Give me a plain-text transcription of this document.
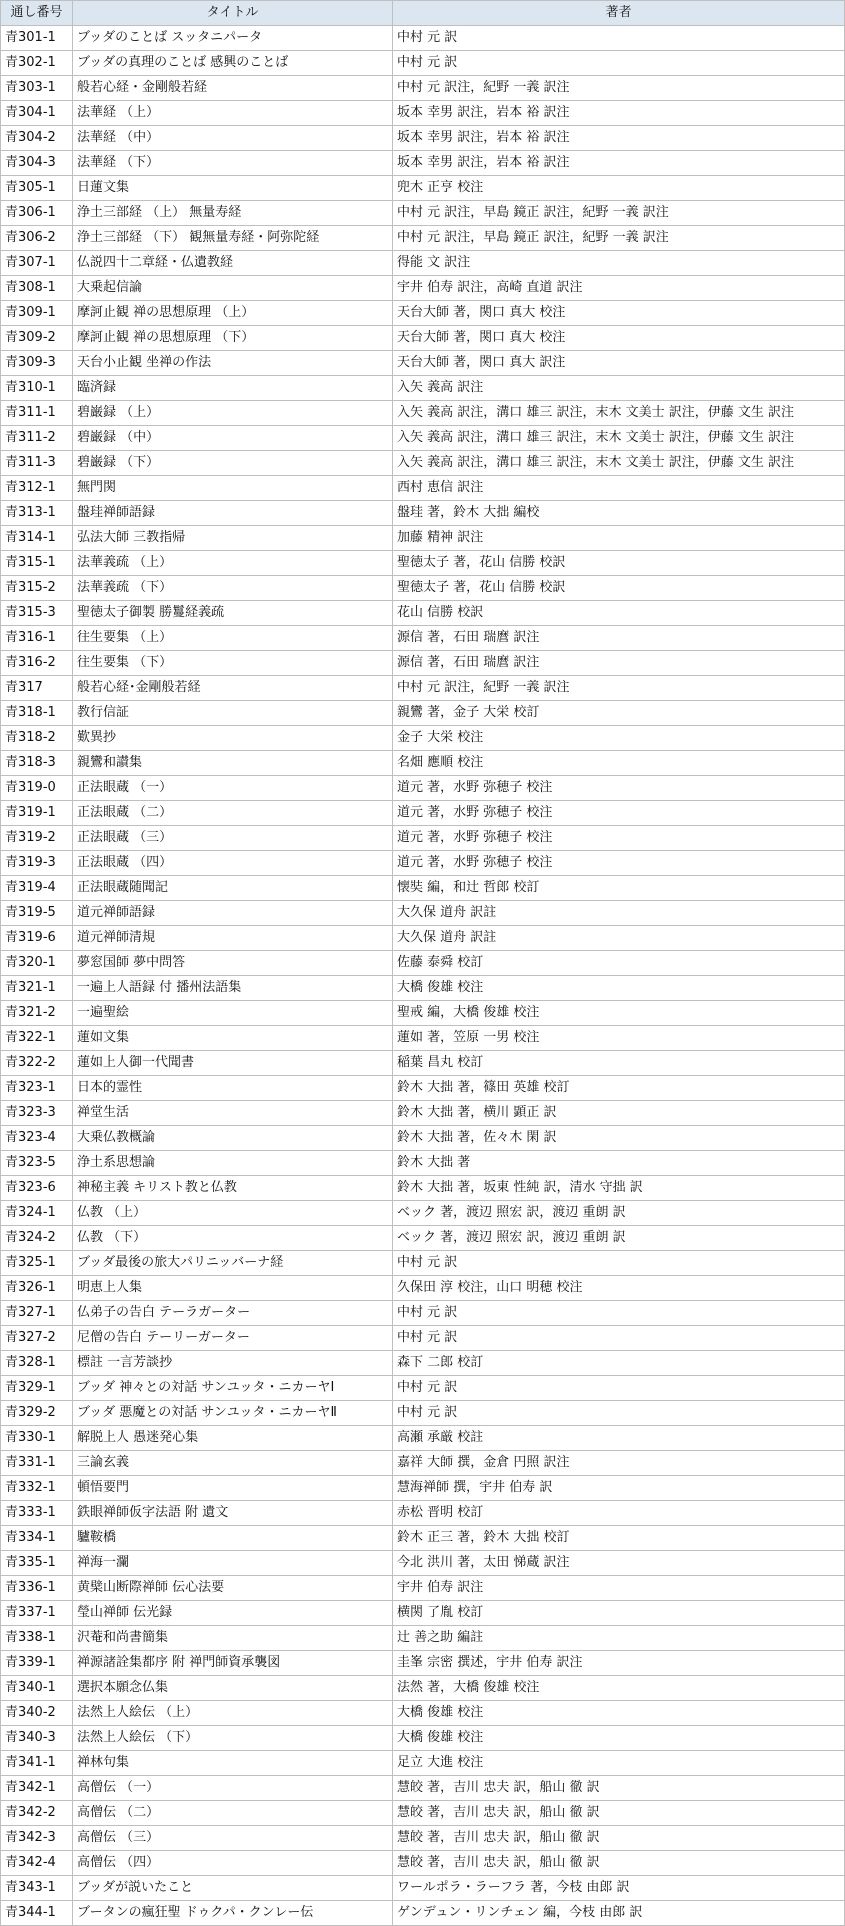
通し番号	タイトル	著者
青301-1	ブッダのことば スッタニパータ	中村 元 訳
青302-1	ブッダの真理のことば 感興のことば	中村 元 訳
青303-1	般若心経・金剛般若経	中村 元 訳注，紀野 一義 訳注
青304-1	法華経 （上）	坂本 幸男 訳注，岩本 裕 訳注
青304-2	法華経 （中）	坂本 幸男 訳注，岩本 裕 訳注
青304-3	法華経 （下）	坂本 幸男 訳注，岩本 裕 訳注
青305-1	日蓮文集	兜木 正亨 校注
青306-1	浄土三部経 （上） 無量寿経	中村 元 訳注，早島 鏡正 訳注，紀野 一義 訳注
青306-2	浄土三部経 （下） 観無量寿経・阿弥陀経	中村 元 訳注，早島 鏡正 訳注，紀野 一義 訳注
青307-1	仏説四十二章経・仏遺教経	得能 文 訳注
青308-1	大乗起信論	宇井 伯寿 訳注，高崎 直道 訳注
青309-1	摩訶止観 禅の思想原理 （上）	天台大師 著，関口 真大 校注
青309-2	摩訶止観 禅の思想原理 （下）	天台大師 著，関口 真大 校注
青309-3	天台小止観 坐禅の作法	天台大師 著，関口 真大 訳注
青310-1	臨済録	入矢 義高 訳注
青311-1	碧巌録 （上）	入矢 義高 訳注，溝口 雄三 訳注，末木 文美士 訳注，伊藤 文生 訳注
青311-2	碧巌録 （中）	入矢 義高 訳注，溝口 雄三 訳注，末木 文美士 訳注，伊藤 文生 訳注
青311-3	碧巌録 （下）	入矢 義高 訳注，溝口 雄三 訳注，末木 文美士 訳注，伊藤 文生 訳注
青312-1	無門関	西村 恵信 訳注
青313-1	盤珪禅師語録	盤珪 著，鈴木 大拙 編校
青314-1	弘法大師 三教指帰	加藤 精神 訳注
青315-1	法華義疏 （上）	聖徳太子 著，花山 信勝 校訳
青315-2	法華義疏 （下）	聖徳太子 著，花山 信勝 校訳
青315-3	聖徳太子御製 勝鬘経義疏	花山 信勝 校訳
青316-1	往生要集 （上）	源信 著，石田 瑞麿 訳注
青316-2	往生要集 （下）	源信 著，石田 瑞麿 訳注
青317	般若心経･金剛般若経	中村 元 訳注，紀野 一義 訳注
青318-1	教行信証	親鸞 著，金子 大栄 校訂
青318-2	歎異抄	金子 大栄 校注
青318-3	親鸞和讃集	名畑 應順 校注
青319-0	正法眼蔵 （一）	道元 著，水野 弥穂子 校注
青319-1	正法眼蔵 （二）	道元 著，水野 弥穂子 校注
青319-2	正法眼蔵 （三）	道元 著，水野 弥穂子 校注
青319-3	正法眼蔵 （四）	道元 著，水野 弥穂子 校注
青319-4	正法眼蔵随聞記	懐奘 編，和辻 哲郎 校訂
青319-5	道元禅師語録	大久保 道舟 訳註
青319-6	道元禅師清規	大久保 道舟 訳註
青320-1	夢窓国師 夢中問答	佐藤 泰舜 校訂
青321-1	一遍上人語録 付 播州法語集	大橋 俊雄 校注
青321-2	一遍聖絵	聖戒 編，大橋 俊雄 校注
青322-1	蓮如文集	蓮如 著，笠原 一男 校注
青322-2	蓮如上人御一代聞書	稲葉 昌丸 校訂
青323-1	日本的霊性	鈴木 大拙 著，篠田 英雄 校訂
青323-3	禅堂生活	鈴木 大拙 著，横川 顕正 訳
青323-4	大乗仏教概論	鈴木 大拙 著，佐々木 閑 訳
青323-5	浄土系思想論	鈴木 大拙 著
青323-6	神秘主義 キリスト教と仏教	鈴木 大拙 著，坂東 性純 訳，清水 守拙 訳
青324-1	仏教 （上）	ベック 著，渡辺 照宏 訳，渡辺 重朗 訳
青324-2	仏教 （下）	ベック 著，渡辺 照宏 訳，渡辺 重朗 訳
青325-1	ブッダ最後の旅大パリニッバーナ経	中村 元 訳
青326-1	明恵上人集	久保田 淳 校注，山口 明穂 校注
青327-1	仏弟子の告白 テーラガーター	中村 元 訳
青327-2	尼僧の告白 テーリーガーター	中村 元 訳
青328-1	標註 一言芳談抄	森下 二郎 校訂
青329-1	ブッダ 神々との対話 サンユッタ・ニカーヤⅠ	中村 元 訳
青329-2	ブッダ 悪魔との対話 サンユッタ・ニカーヤⅡ	中村 元 訳
青330-1	解脱上人 愚迷発心集	高瀬 承厳 校註
青331-1	三論玄義	嘉祥 大師 撰，金倉 円照 訳注
青332-1	頓悟要門	慧海禅師 撰，宇井 伯寿 訳
青333-1	鉄眼禅師仮字法語 附 遺文	赤松 晋明 校訂
青334-1	驢鞍橋	鈴木 正三 著，鈴木 大拙 校訂
青335-1	禅海一瀾	今北 洪川 著，太田 悌蔵 訳注
青336-1	黄檗山断際禅師 伝心法要	宇井 伯寿 訳注
青337-1	瑩山禅師 伝光録	横関 了胤 校訂
青338-1	沢菴和尚書簡集	辻 善之助 編註
青339-1	禅源諸詮集都序 附 禅門師資承襲図	圭峯 宗密 撰述，宇井 伯寿 訳注
青340-1	選択本願念仏集	法然 著，大橋 俊雄 校注
青340-2	法然上人絵伝 （上）	大橋 俊雄 校注
青340-3	法然上人絵伝 （下）	大橋 俊雄 校注
青341-1	禅林句集	足立 大進 校注
青342-1	高僧伝 （一）	慧皎 著，吉川 忠夫 訳，船山 徹 訳
青342-2	高僧伝 （二）	慧皎 著，吉川 忠夫 訳，船山 徹 訳
青342-3	高僧伝 （三）	慧皎 著，吉川 忠夫 訳，船山 徹 訳
青342-4	高僧伝 （四）	慧皎 著，吉川 忠夫 訳，船山 徹 訳
青343-1	ブッダが説いたこと	ワールポラ・ラーフラ 著，今枝 由郎 訳
青344-1	ブータンの瘋狂聖 ドゥクパ・クンレー伝	ゲンデュン・リンチェン 編，今枝 由郎 訳
